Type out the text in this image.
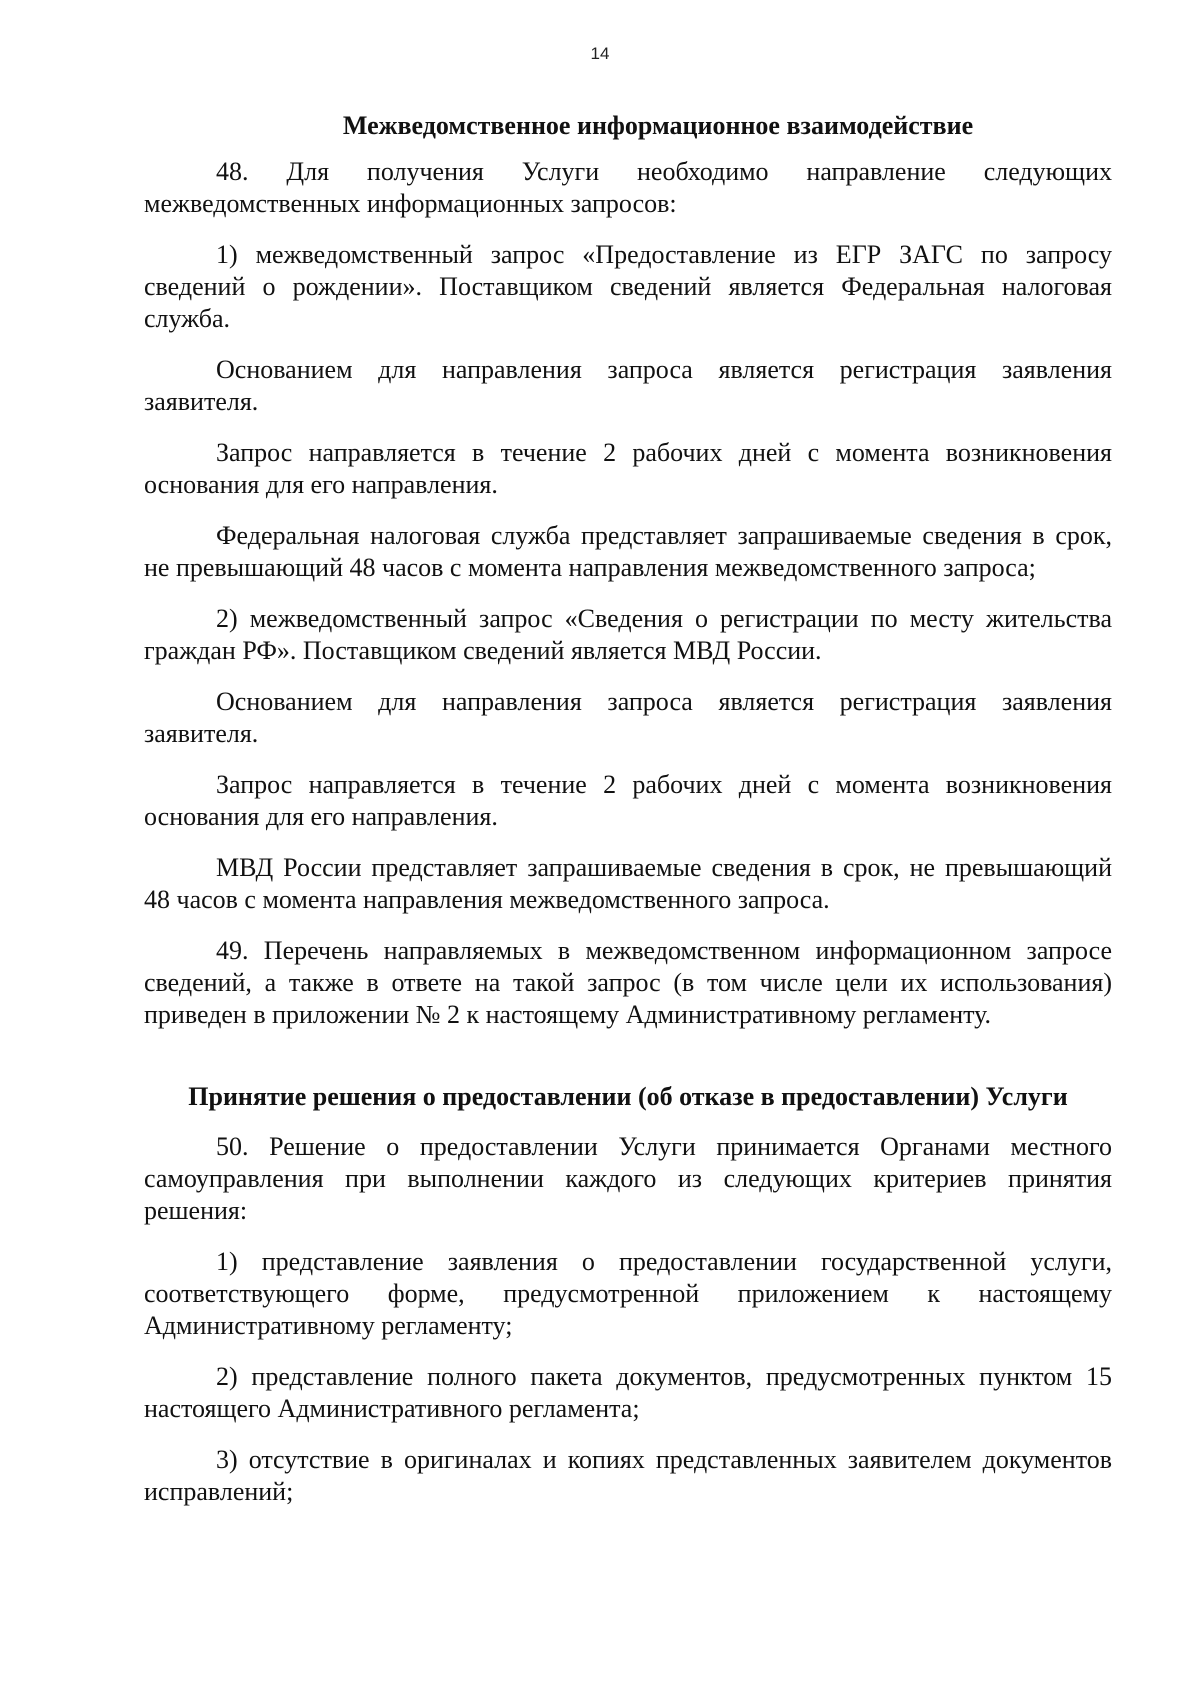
14
Межведомственное информационное взаимодействие

48. Для получения Услуги необходимо направление следующих межведомственных информационных запросов:

1) межведомственный запрос «Предоставление из ЕГР ЗАГС по запросу сведений о рождении». Поставщиком сведений является Федеральная налоговая служба.

Основанием для направления запроса является регистрация заявления заявителя.

Запрос направляется в течение 2 рабочих дней с момента возникновения основания для его направления.

Федеральная налоговая служба представляет запрашиваемые сведения в срок, не превышающий 48 часов с момента направления межведомственного запроса;

2) межведомственный запрос «Сведения о регистрации по месту жительства граждан РФ». Поставщиком сведений является МВД России.

Основанием для направления запроса является регистрация заявления заявителя.

Запрос направляется в течение 2 рабочих дней с момента возникновения основания для его направления.

МВД России представляет запрашиваемые сведения в срок, не превышающий 48 часов с момента направления межведомственного запроса.

49. Перечень направляемых в межведомственном информационном запросе сведений, а также в ответе на такой запрос (в том числе цели их использования) приведен в приложении № 2 к настоящему Административному регламенту.

Принятие решения о предоставлении (об отказе в предоставлении) Услуги

50. Решение о предоставлении Услуги принимается Органами местного самоуправления при выполнении каждого из следующих критериев принятия решения:

1) представление заявления о предоставлении государственной услуги, соответствующего форме, предусмотренной приложением к настоящему Административному регламенту;

2) представление полного пакета документов, предусмотренных пунктом 15 настоящего Административного регламента;

3) отсутствие в оригиналах и копиях представленных заявителем документов исправлений;
